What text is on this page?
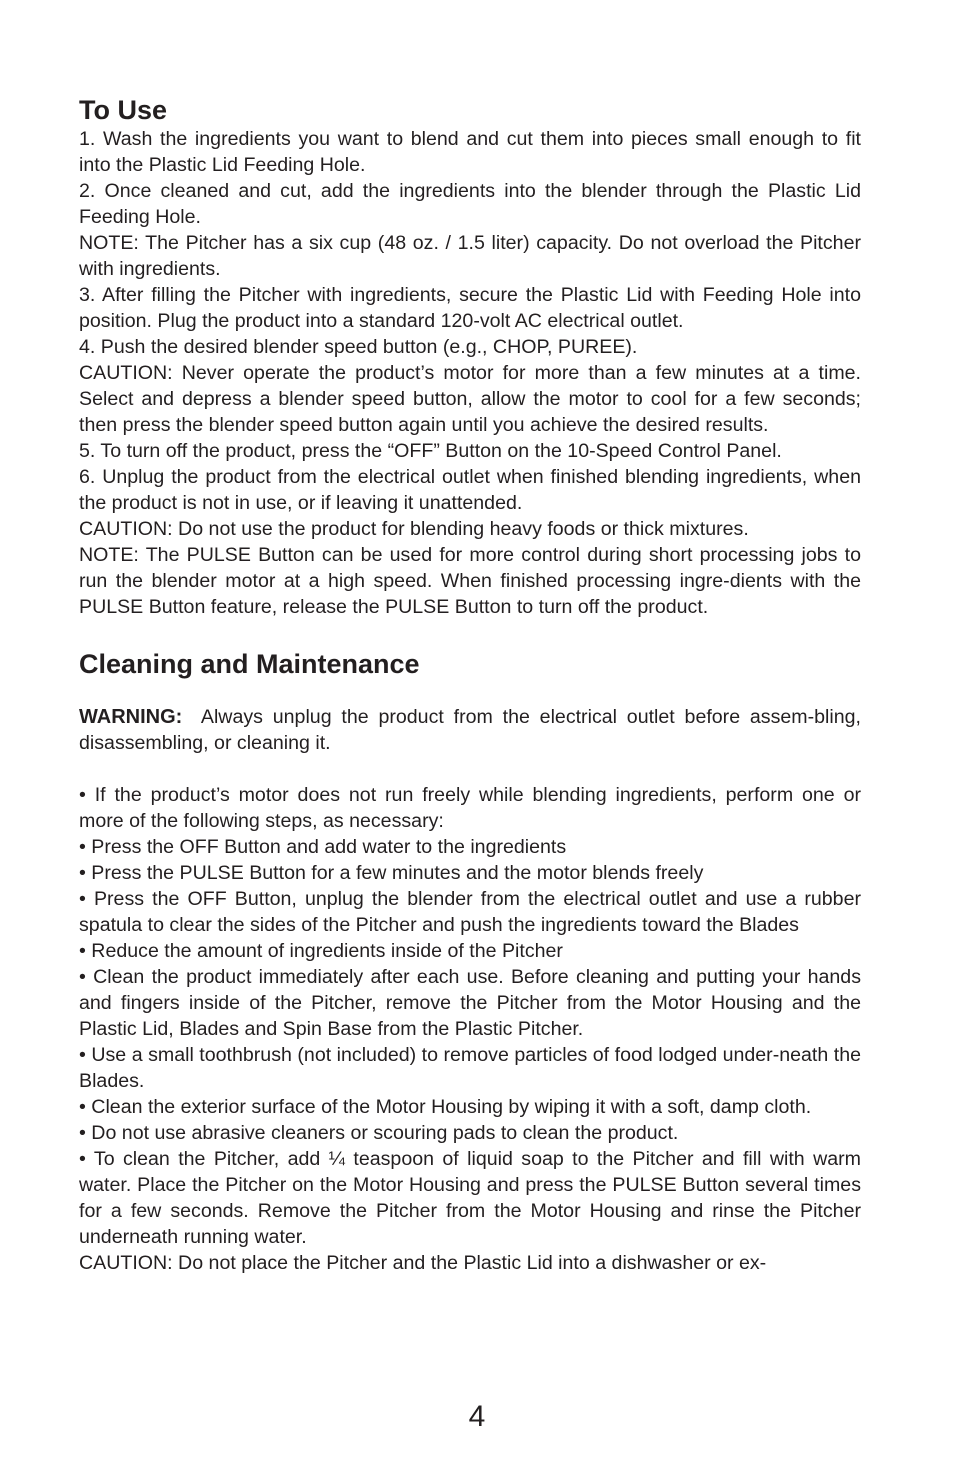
To Use

1. Wash the ingredients you want to blend and cut them into pieces small enough to fit into the Plastic Lid Feeding Hole.

2. Once cleaned and cut, add the ingredients into the blender through the Plastic Lid Feeding Hole.

NOTE: The Pitcher has a six cup (48 oz. / 1.5 liter) capacity. Do not overload the Pitcher with ingredients.

3. After filling the Pitcher with ingredients, secure the Plastic Lid with Feeding Hole into position. Plug the product into a standard 120-volt AC electrical outlet.

4. Push the desired blender speed button (e.g., CHOP, PUREE).

CAUTION: Never operate the product’s motor for more than a few minutes at a time. Select and depress a blender speed button, allow the motor to cool for a few seconds; then press the blender speed button again until you achieve the desired results.

5. To turn off the product, press the “OFF” Button on the 10-Speed Control Panel.

6. Unplug the product from the electrical outlet when finished blending ingredients, when the product is not in use, or if leaving it unattended.

CAUTION: Do not use the product for blending heavy foods or thick mixtures.

NOTE: The PULSE Button can be used for more control during short processing jobs to run the blender motor at a high speed. When finished processing ingre-dients with the PULSE Button feature, release the PULSE Button to turn off the product.

Cleaning and Maintenance

WARNING: Always unplug the product from the electrical outlet before assem-bling, disassembling, or cleaning it.

• If the product’s motor does not run freely while blending ingredients, perform one or more of the following steps, as necessary:

• Press the OFF Button and add water to the ingredients

• Press the PULSE Button for a few minutes and the motor blends freely

• Press the OFF Button, unplug the blender from the electrical outlet and use a rubber spatula to clear the sides of the Pitcher and push the ingredients toward the Blades

• Reduce the amount of ingredients inside of the Pitcher

• Clean the product immediately after each use. Before cleaning and putting your hands and fingers inside of the Pitcher, remove the Pitcher from the Motor Housing and the Plastic Lid, Blades and Spin Base from the Plastic Pitcher.

• Use a small toothbrush (not included) to remove particles of food lodged under-neath the Blades.

• Clean the exterior surface of the Motor Housing by wiping it with a soft, damp cloth.

• Do not use abrasive cleaners or scouring pads to clean the product.

• To clean the Pitcher, add ¼ teaspoon of liquid soap to the Pitcher and fill with warm water. Place the Pitcher on the Motor Housing and press the PULSE Button several times for a few seconds. Remove the Pitcher from the Motor Housing and rinse the Pitcher underneath running water.

CAUTION: Do not place the Pitcher and the Plastic Lid into a dishwasher or ex-

4
